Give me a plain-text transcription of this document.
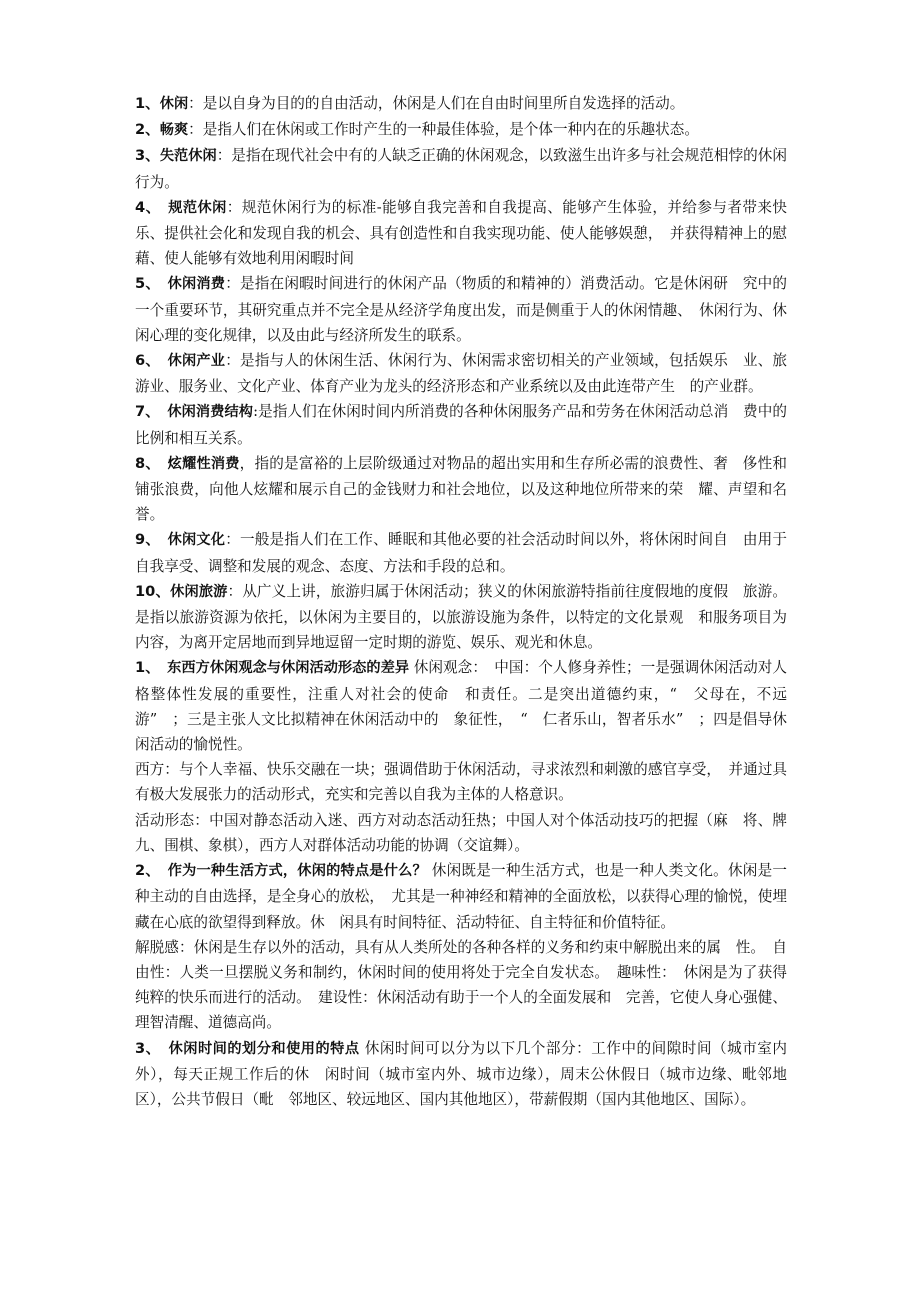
1、休闲：是以自身为目的的自由活动，休闲是人们在自由时间里所自发选择的活动。

2、畅爽：是指人们在休闲或工作时产生的一种最佳体验，是个体一种内在的乐趣状态。

3、失范休闲：是指在现代社会中有的人缺乏正确的休闲观念，以致滋生出许多与社会规范相悖的休闲行为。

4、　规范休闲：规范休闲行为的标准-能够自我完善和自我提高、能够产生体验，并给参与者带来快乐、提供社会化和发现自我的机会、具有创造性和自我实现功能、使人能够娱憩，　并获得精神上的慰藉、使人能够有效地利用闲暇时间

5、　休闲消费：是指在闲暇时间进行的休闲产品（物质的和精神的）消费活动。它是休闲研　究中的一个重要环节，其研究重点并不完全是从经济学角度出发，而是侧重于人的休闲情趣、　休闲行为、休闲心理的变化规律，以及由此与经济所发生的联系。

6、　休闲产业：是指与人的休闲生活、休闲行为、休闲需求密切相关的产业领域，包括娱乐　业、旅游业、服务业、文化产业、体育产业为龙头的经济形态和产业系统以及由此连带产生　的产业群。

7、　休闲消费结构:是指人们在休闲时间内所消费的各种休闲服务产品和劳务在休闲活动总消　费中的比例和相互关系。

8、　炫耀性消费，指的是富裕的上层阶级通过对物品的超出实用和生存所必需的浪费性、奢　侈性和铺张浪费，向他人炫耀和展示自己的金钱财力和社会地位，以及这种地位所带来的荣　耀、声望和名誉。

9、　休闲文化：一般是指人们在工作、睡眠和其他必要的社会活动时间以外，将休闲时间自　由用于自我享受、调整和发展的观念、态度、方法和手段的总和。

10、休闲旅游：从广义上讲，旅游归属于休闲活动；狭义的休闲旅游特指前往度假地的度假　旅游。是指以旅游资源为依托，以休闲为主要目的，以旅游设施为条件，以特定的文化景观　和服务项目为内容，为离开定居地而到异地逗留一定时期的游览、娱乐、观光和休息。

1、　东西方休闲观念与休闲活动形态的差异 休闲观念：　中国：个人修身养性；一是强调休闲活动对人格整体性发展的重要性，注重人对社会的使命　和责任。二是突出道德约束，“　父母在，不远游”　；三是主张人文比拟精神在休闲活动中的　象征性，　“　仁者乐山，智者乐水”　；四是倡导休闲活动的愉悦性。

西方：与个人幸福、快乐交融在一块；强调借助于休闲活动，寻求浓烈和刺激的感官享受，　并通过具有极大发展张力的活动形式，充实和完善以自我为主体的人格意识。

活动形态：中国对静态活动入迷、西方对动态活动狂热；中国人对个体活动技巧的把握（麻　将、牌九、围棋、象棋），西方人对群体活动功能的协调（交谊舞）。

2、　作为一种生活方式，休闲的特点是什么？ 休闲既是一种生活方式，也是一种人类文化。休闲是一种主动的自由选择，是全身心的放松，　尤其是一种神经和精神的全面放松，以获得心理的愉悦，使埋藏在心底的欲望得到释放。休　闲具有时间特征、活动特征、自主特征和价值特征。

解脱感：休闲是生存以外的活动，具有从人类所处的各种各样的义务和约束中解脱出来的属　性。　自由性：人类一旦摆脱义务和制约，休闲时间的使用将处于完全自发状态。　趣味性：　休闲是为了获得纯粹的快乐而进行的活动。　建设性：休闲活动有助于一个人的全面发展和　完善，它使人身心强健、理智清醒、道德高尚。

3、　休闲时间的划分和使用的特点 休闲时间可以分为以下几个部分：工作中的间隙时间（城市室内外），每天正规工作后的休　闲时间（城市室内外、城市边缘），周末公休假日（城市边缘、毗邻地区），公共节假日（毗　邻地区、较远地区、国内其他地区），带薪假期（国内其他地区、国际）。
